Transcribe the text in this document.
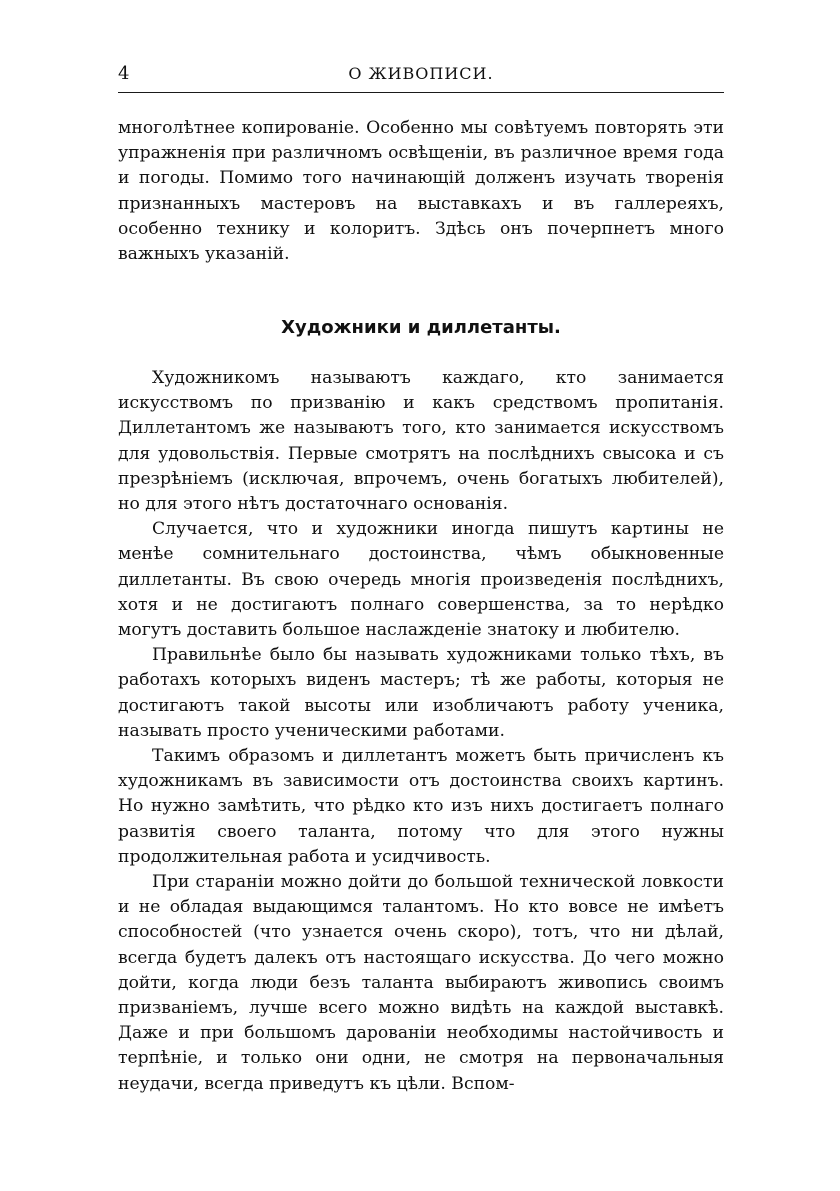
4	О ЖИВОПИСИ.

многолѣтнее копированіе. Особенно мы совѣтуемъ повторять эти упражненія при различномъ освѣщеніи, въ различное время года и погоды. Помимо того начинающій долженъ изучать творенія признанныхъ мастеровъ на выставкахъ и въ галлереяхъ, особенно технику и колоритъ. Здѣсь онъ почерпнетъ много важныхъ указаній.

Художники и диллетанты.

Художникомъ называютъ каждаго, кто занимается искусствомъ по призванію и какъ средствомъ пропитанія. Диллетантомъ же называютъ того, кто занимается искусствомъ для удовольствія. Первые смотрятъ на послѣднихъ свысока и съ презрѣніемъ (исключая, впрочемъ, очень богатыхъ любителей), но для этого нѣтъ достаточнаго основанія.

Случается, что и художники иногда пишутъ картины не менѣе сомнительнаго достоинства, чѣмъ обыкновенные диллетанты. Въ свою очередь многія произведенія послѣднихъ, хотя и не достигаютъ полнаго совершенства, за то нерѣдко могутъ доставить большое наслажденіе знатоку и любителю.

Правильнѣе было бы называть художниками только тѣхъ, въ работахъ которыхъ виденъ мастеръ; тѣ же работы, которыя не достигаютъ такой высоты или изобличаютъ работу ученика, называть просто ученическими работами.

Такимъ образомъ и диллетантъ можетъ быть причисленъ къ художникамъ въ зависимости отъ достоинства своихъ картинъ. Но нужно замѣтить, что рѣдко кто изъ нихъ достигаетъ полнаго развитія своего таланта, потому что для этого нужны продолжительная работа и усидчивость.

При стараніи можно дойти до большой технической ловкости и не обладая выдающимся талантомъ. Но кто вовсе не имѣетъ способностей (что узнается очень скоро), тотъ, что ни дѣлай, всегда будетъ далекъ отъ настоящаго искусства. До чего можно дойти, когда люди безъ таланта выбираютъ живопись своимъ призваніемъ, лучше всего можно видѣть на каждой выставкѣ. Даже и при большомъ дарованіи необходимы настойчивость и терпѣніе, и только они одни, не смотря на первоначальныя неудачи, всегда приведутъ къ цѣли. Вспом-
